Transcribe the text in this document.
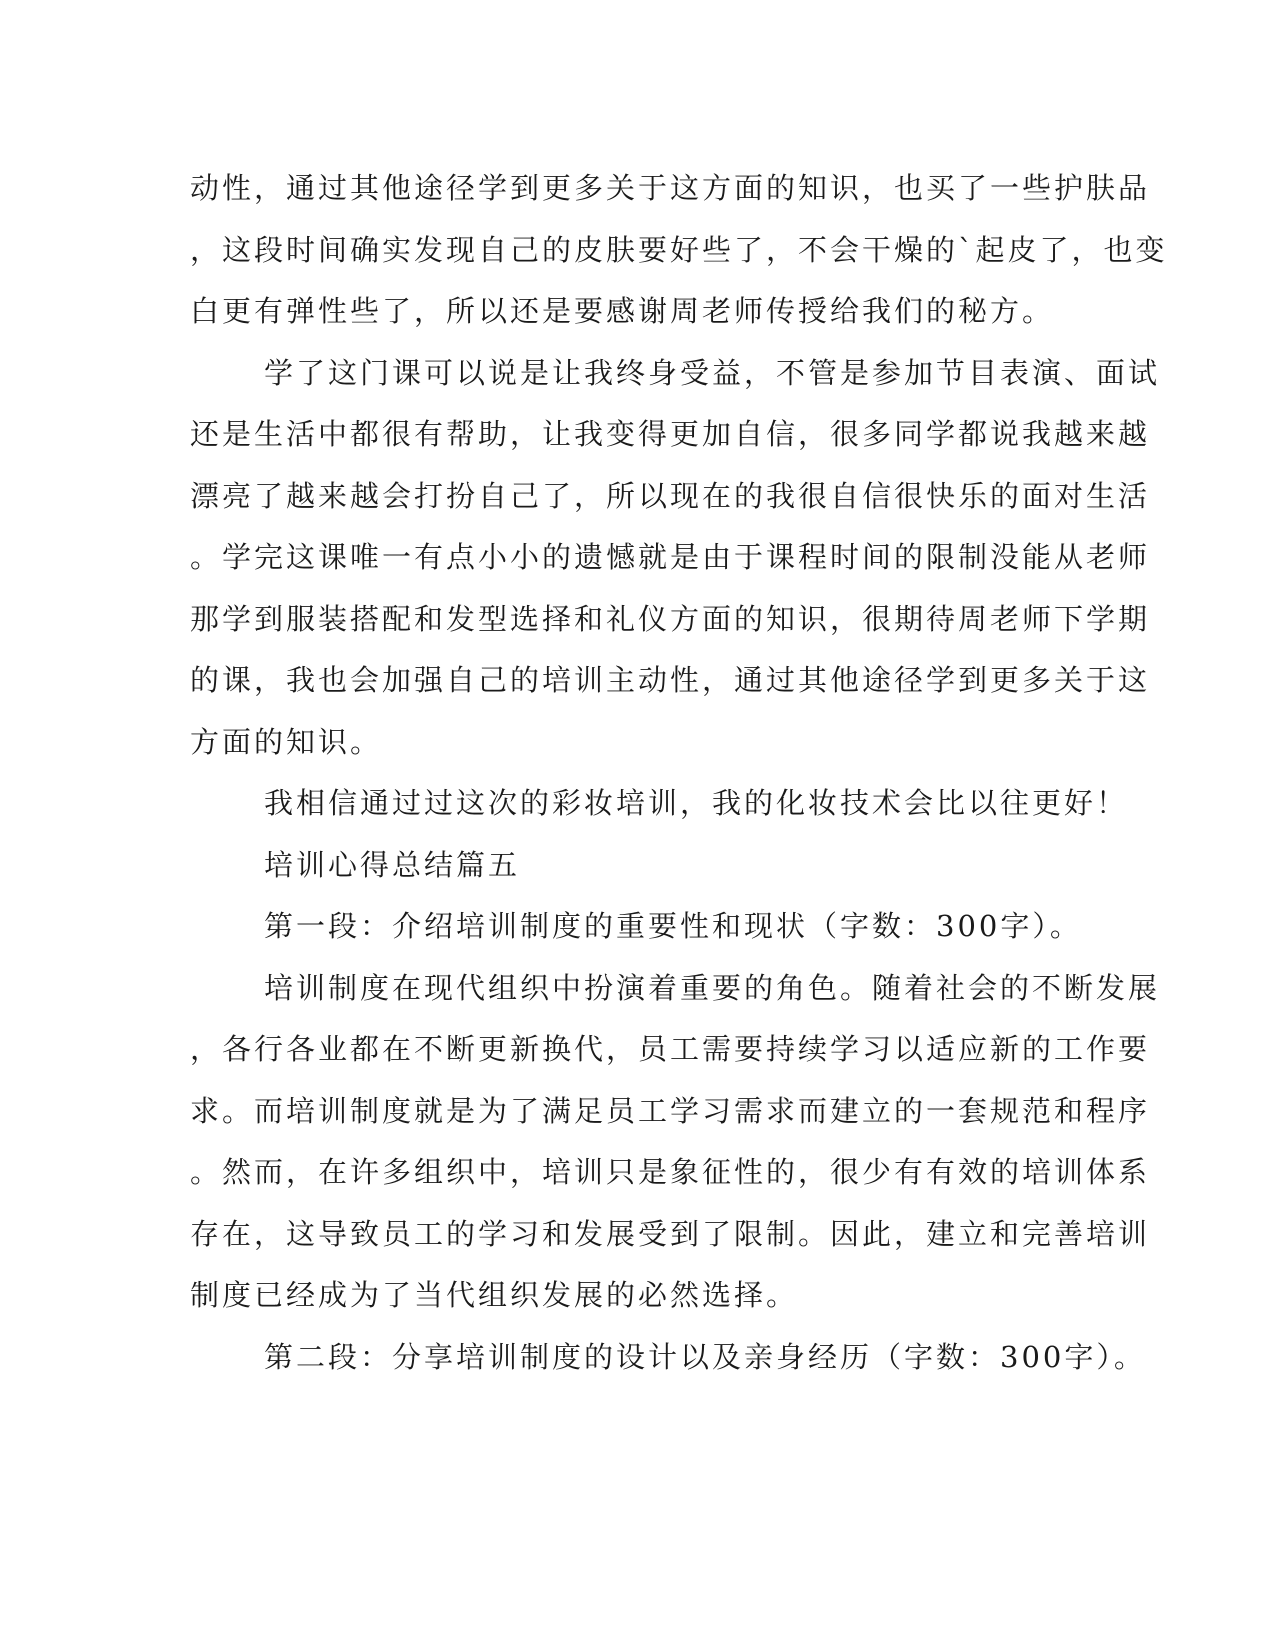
动性，通过其他途径学到更多关于这方面的知识，也买了一些护肤品
，这段时间确实发现自己的皮肤要好些了，不会干燥的`起皮了，也变
白更有弹性些了，所以还是要感谢周老师传授给我们的秘方。
学了这门课可以说是让我终身受益，不管是参加节目表演、面试
还是生活中都很有帮助，让我变得更加自信，很多同学都说我越来越
漂亮了越来越会打扮自己了，所以现在的我很自信很快乐的面对生活
。学完这课唯一有点小小的遗憾就是由于课程时间的限制没能从老师
那学到服装搭配和发型选择和礼仪方面的知识，很期待周老师下学期
的课，我也会加强自己的培训主动性，通过其他途径学到更多关于这
方面的知识。
我相信通过过这次的彩妆培训，我的化妆技术会比以往更好！
培训心得总结篇五
第一段：介绍培训制度的重要性和现状（字数：300字）。
培训制度在现代组织中扮演着重要的角色。随着社会的不断发展
，各行各业都在不断更新换代，员工需要持续学习以适应新的工作要
求。而培训制度就是为了满足员工学习需求而建立的一套规范和程序
。然而，在许多组织中，培训只是象征性的，很少有有效的培训体系
存在，这导致员工的学习和发展受到了限制。因此，建立和完善培训
制度已经成为了当代组织发展的必然选择。
第二段：分享培训制度的设计以及亲身经历（字数：300字）。
